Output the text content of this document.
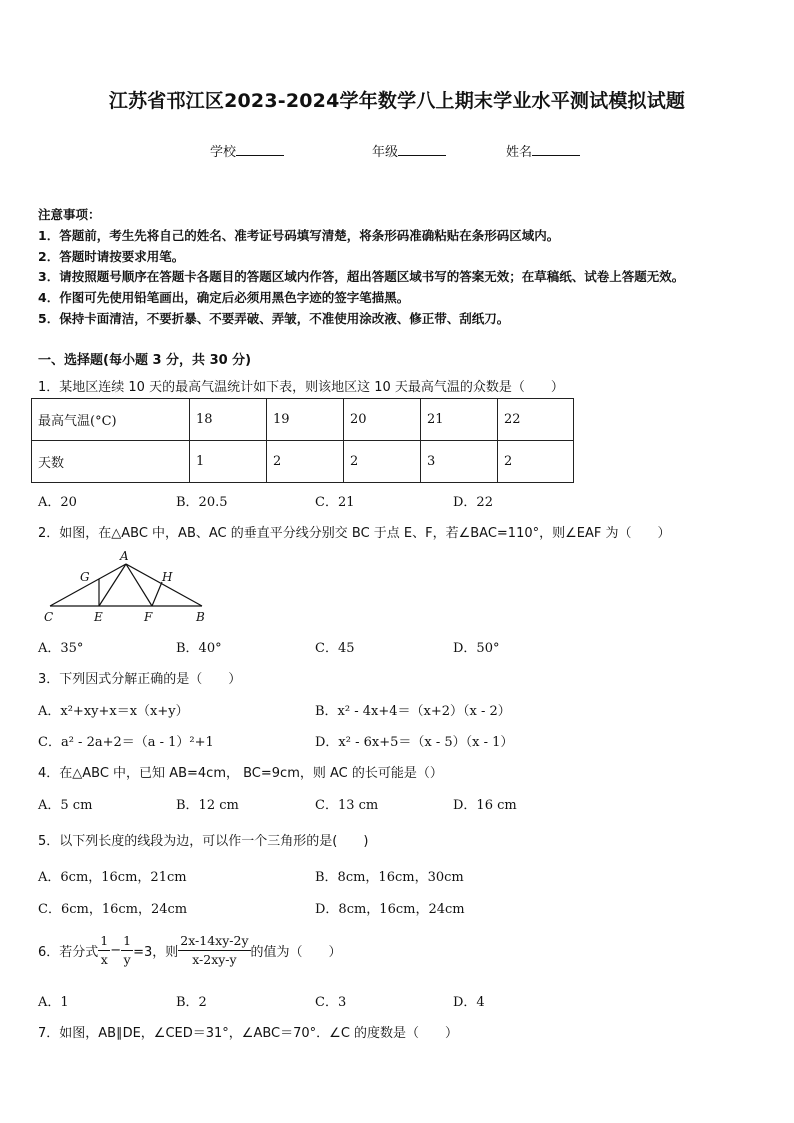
江苏省邗江区2023-2024学年数学八上期末学业水平测试模拟试题
学校	年级	姓名
注意事项：
1．答题前，考生先将自己的姓名、准考证号码填写清楚，将条形码准确粘贴在条形码区域内。
2．答题时请按要求用笔。
3．请按照题号顺序在答题卡各题目的答题区域内作答，超出答题区域书写的答案无效；在草稿纸、试卷上答题无效。
4．作图可先使用铅笔画出，确定后必须用黑色字迹的签字笔描黑。
5．保持卡面清洁，不要折暴、不要弄破、弄皱，不准使用涂改液、修正带、刮纸刀。
一、选择题(每小题 3 分，共 30 分)
1．某地区连续 10 天的最高气温统计如下表，则该地区这 10 天最高气温的众数是（　　）
最高气温(°C)	18	19	20	21	22
天数	1	2	2	3	2
A．20	B．20.5	C．21	D．22
2．如图，在△ABC 中，AB、AC 的垂直平分线分别交 BC 于点 E、F，若∠BAC=110°，则∠EAF 为（　　）
A
G	H
C	E	F	B
A．35°	B．40°	C．45	D．50°
3．下列因式分解正确的是（　　）
A．x²+xy+x＝x（x+y）	B．x² - 4x+4＝（x+2）（x - 2）
C．a² - 2a+2＝（a - 1）²+1	D．x² - 6x+5＝（x - 5）（x - 1）
4．在△ABC 中，已知 AB=4cm， BC=9cm，则 AC 的长可能是（）
A．5 cm	B．12 cm	C．13 cm	D．16 cm
5．以下列长度的线段为边，可以作一个三角形的是(　　)
A．6cm，16cm，21cm	B．8cm，16cm，30cm
C．6cm，16cm，24cm	D．8cm，16cm，24cm
6．若分式 $\frac{1}{x} - \frac{1}{y} =3$，则 $\frac{2x-14xy-2y}{x-2xy-y}$ 的值为（　　）
A．1	B．2	C．3	D．4
7．如图，AB∥DE，∠CED＝31°，∠ABC＝70°．∠C 的度数是（　　）
